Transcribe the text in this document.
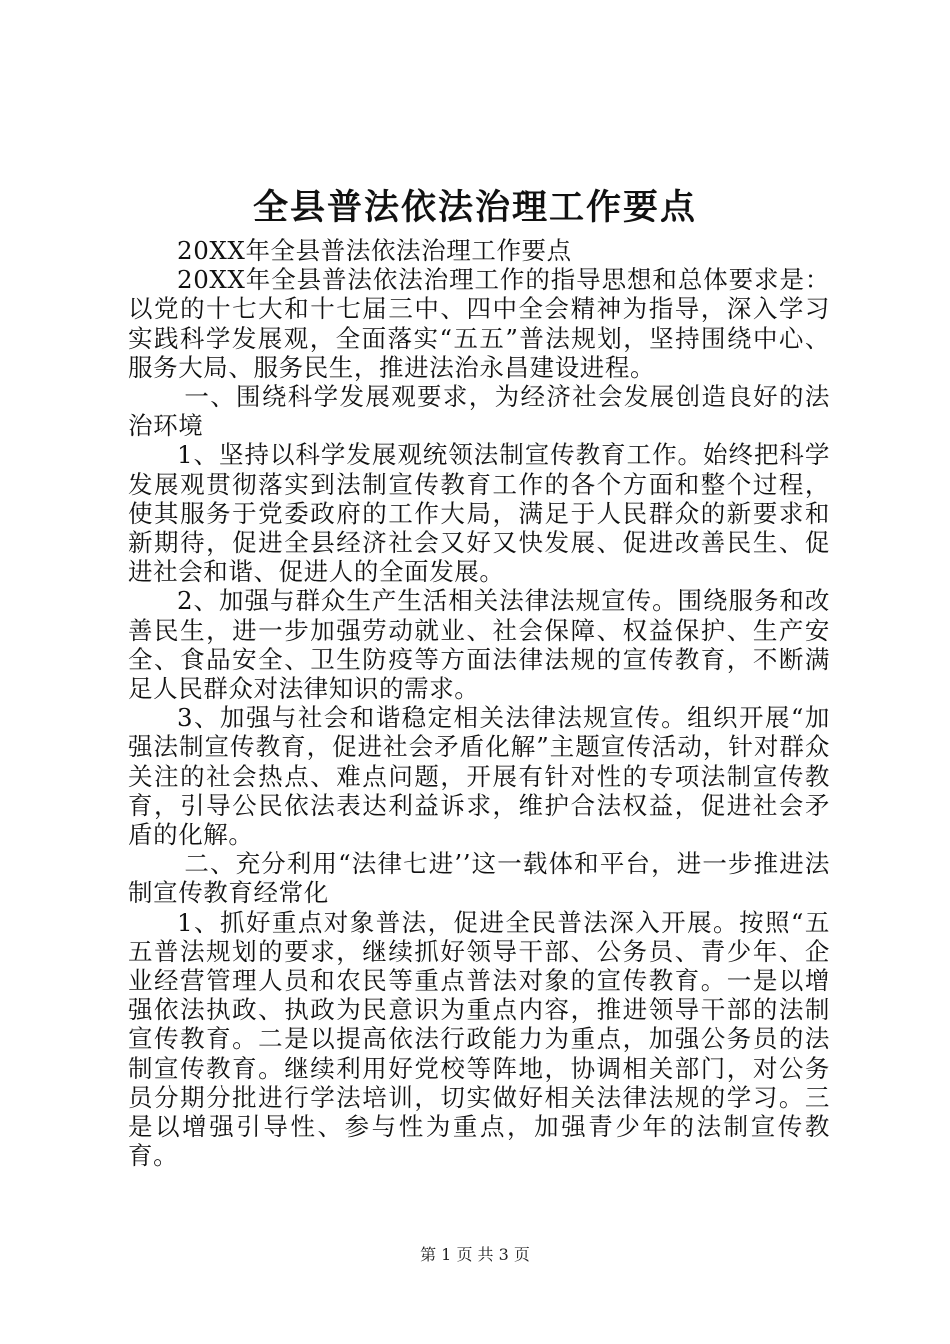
全县普法依法治理工作要点

20XX年全县普法依法治理工作要点

20XX年全县普法依法治理工作的指导思想和总体要求是：以党的十七大和十七届三中、四中全会精神为指导，深入学习实践科学发展观，全面落实“五五”普法规划，坚持围绕中心、服务大局、服务民生，推进法治永昌建设进程。

一、围绕科学发展观要求，为经济社会发展创造良好的法治环境

1、坚持以科学发展观统领法制宣传教育工作。始终把科学发展观贯彻落实到法制宣传教育工作的各个方面和整个过程，使其服务于党委政府的工作大局，满足于人民群众的新要求和新期待，促进全县经济社会又好又快发展、促进改善民生、促进社会和谐、促进人的全面发展。

2、加强与群众生产生活相关法律法规宣传。围绕服务和改善民生，进一步加强劳动就业、社会保障、权益保护、生产安全、食品安全、卫生防疫等方面法律法规的宣传教育，不断满足人民群众对法律知识的需求。

3、加强与社会和谐稳定相关法律法规宣传。组织开展“加强法制宣传教育，促进社会矛盾化解”主题宣传活动，针对群众关注的社会热点、难点问题，开展有针对性的专项法制宣传教育，引导公民依法表达利益诉求，维护合法权益，促进社会矛盾的化解。

二、充分利用“法律七进’’这一载体和平台，进一步推进法制宣传教育经常化

1、抓好重点对象普法，促进全民普法深入开展。按照“五五普法规划的要求，继续抓好领导干部、公务员、青少年、企业经营管理人员和农民等重点普法对象的宣传教育。一是以增强依法执政、执政为民意识为重点内容，推进领导干部的法制宣传教育。二是以提高依法行政能力为重点，加强公务员的法制宣传教育。继续利用好党校等阵地，协调相关部门，对公务员分期分批进行学法培训，切实做好相关法律法规的学习。三是以增强引导性、参与性为重点，加强青少年的法制宣传教育。

第 1 页 共 3 页
